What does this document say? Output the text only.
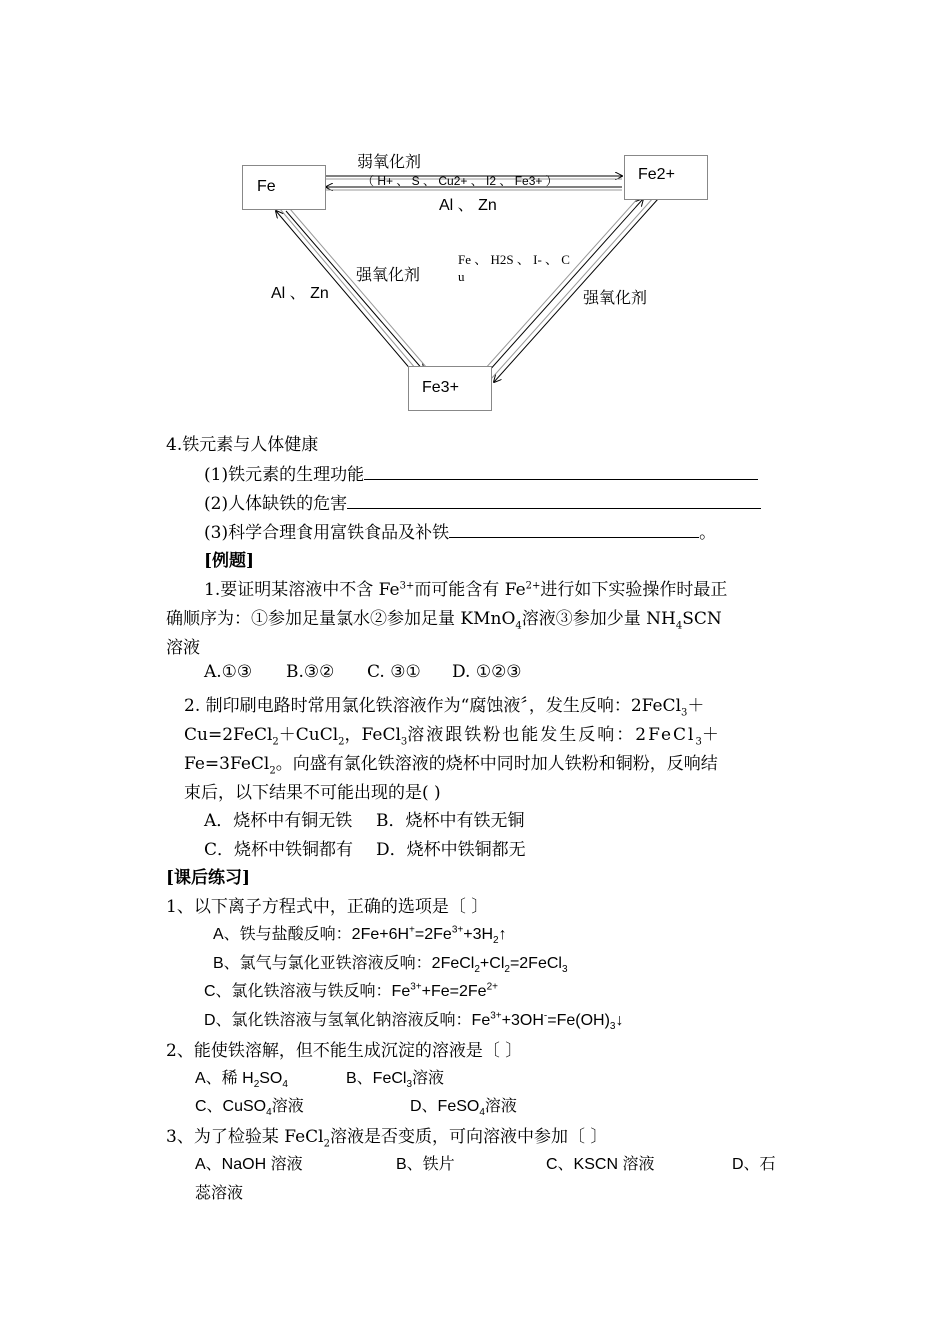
Fe
Fe2+
Fe3+
弱氧化剂
（ H+ 、 S 、 Cu2+ 、 I2 、 Fe3+ ）
Al 、 Zn
强氧化剂
Al 、 Zn
Fe 、 H2S 、 I- 、 C
u
强氧化剂
4.铁元素与人体健康
(1)铁元素的生理功能
(2)人体缺铁的危害
(3)科学合理食用富铁食品及补铁	。
[例题]
1.要证明某溶液中不含 $Fe^{3+}$而可能含有 $Fe^{2+}$进行如下实验操作时最正
确顺序为：①参加足量氯水②参加足量 KMnO$_4$溶液③参加少量 $NH_4SCN$
溶液
A.①③ B.③② C. ③① D. ①②③
2. 制印刷电路时常用氯化铁溶液作为“腐蚀液〞，发生反响：2FeCl$_3$＋
Cu=2FeCl$_2$＋CuCl$_2$，FeCl$_3$溶液跟铁粉也能发生反响：2FeCl$_3$＋
Fe=3FeCl$_2$。向盛有氯化铁溶液的烧杯中同时加人铁粉和铜粉，反响结
束后，以下结果不可能出现的是( )
A．烧杯中有铜无铁 B．烧杯中有铁无铜
C．烧杯中铁铜都有 D．烧杯中铁铜都无
[课后练习]
1、以下离子方程式中，正确的选项是〔 〕
A、铁与盐酸反响：$2Fe+6H^+=2Fe^{3+}+3H_2↑$
B、氯气与氯化亚铁溶液反响：$2FeCl_2+Cl_2=2FeCl_3$
C、氯化铁溶液与铁反响：$Fe^{3+}+Fe=2Fe^{2+}$
D、氯化铁溶液与氢氧化钠溶液反响：$Fe^{3+}+3OH^-=Fe(OH)_3↓$
2、能使铁溶解，但不能生成沉淀的溶液是〔 〕
A、稀 $H_2SO_4$	B、FeCl$_3$溶液
C、CuSO$_4$溶液	D、FeSO$_4$溶液
3、为了检验某 FeCl$_2$溶液是否变质，可向溶液中参加〔 〕
A、NaOH 溶液	B、铁片	C、KSCN 溶液	D、石
蕊溶液
